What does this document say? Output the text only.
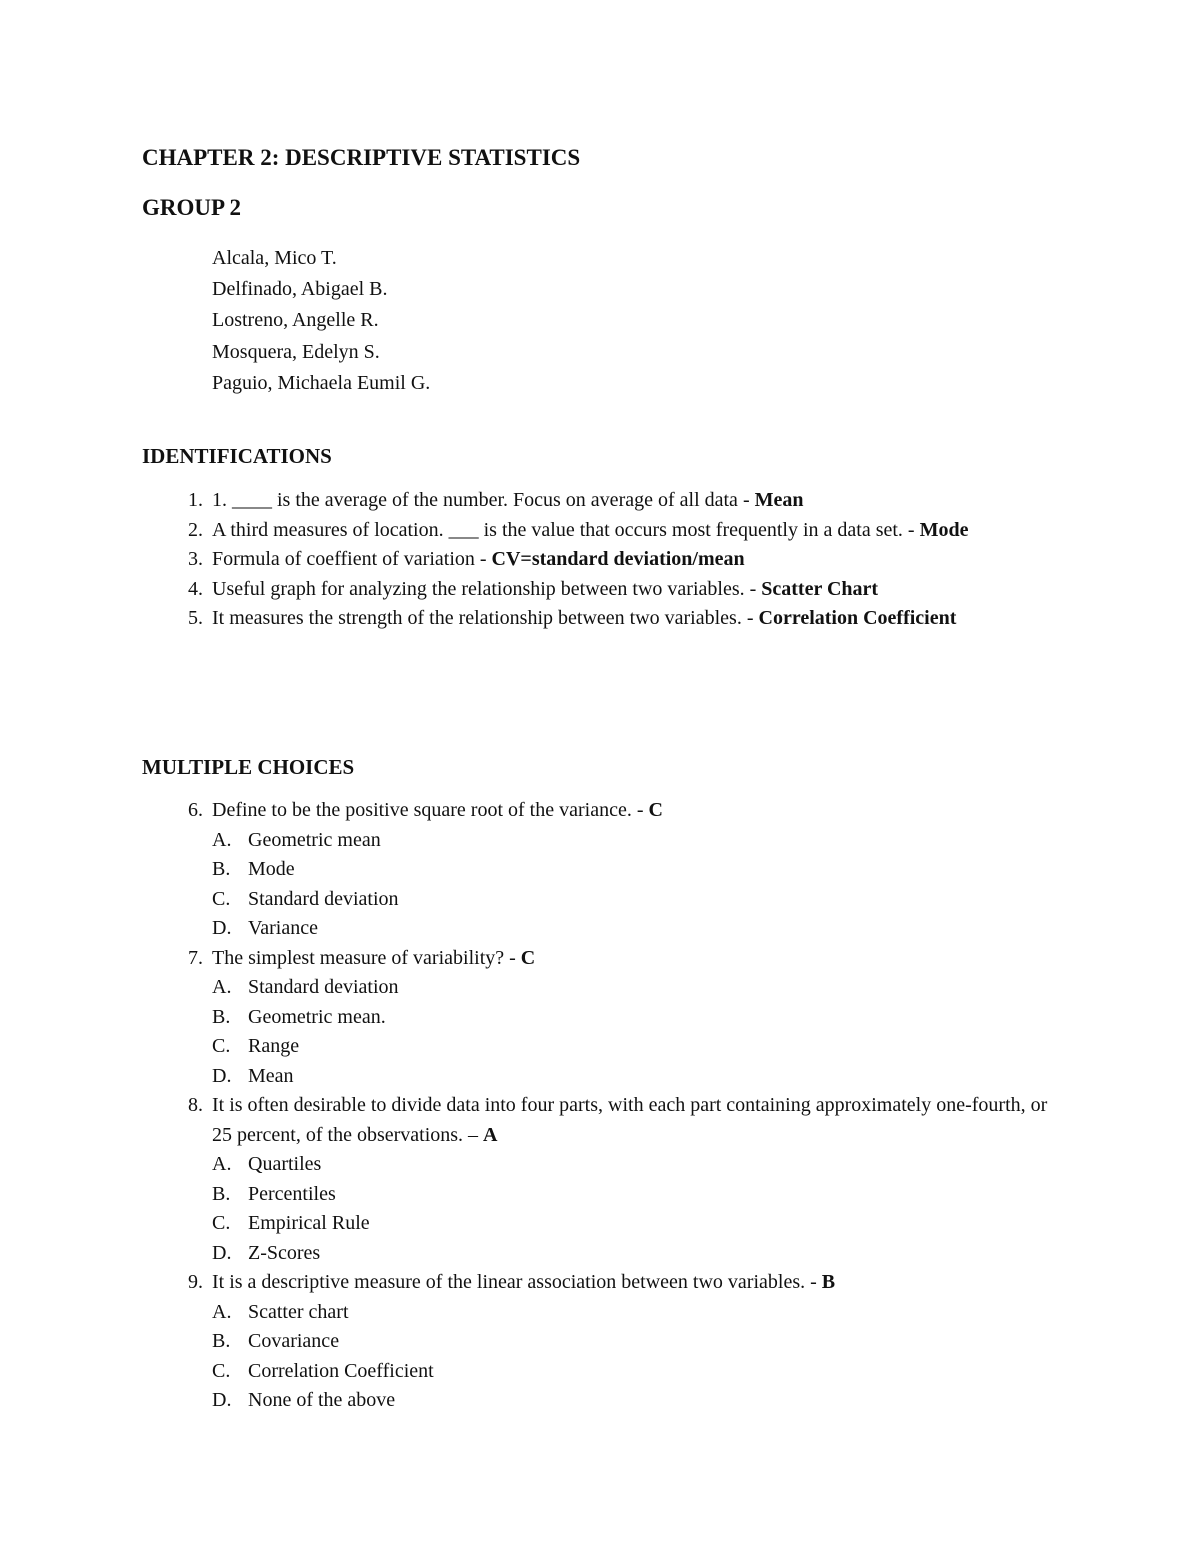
CHAPTER 2: DESCRIPTIVE STATISTICS
GROUP 2
Alcala, Mico T.
Delfinado, Abigael B.
Lostreno, Angelle R.
Mosquera, Edelyn S.
Paguio, Michaela Eumil G.
IDENTIFICATIONS
1. 1. ____ is the average of the number. Focus on average of all data - Mean
2. A third measures of location. ___ is the value that occurs most frequently in a data set. - Mode
3. Formula of coeffient of variation - CV=standard deviation/mean
4. Useful graph for analyzing the relationship between two variables. - Scatter Chart
5. It measures the strength of the relationship between two variables. - Correlation Coefficient
MULTIPLE CHOICES
6. Define to be the positive square root of the variance. - C
A. Geometric mean
B. Mode
C. Standard deviation
D. Variance
7. The simplest measure of variability? - C
A. Standard deviation
B. Geometric mean.
C. Range
D. Mean
8. It is often desirable to divide data into four parts, with each part containing approximately one-fourth, or 25 percent, of the observations. – A
A. Quartiles
B. Percentiles
C. Empirical Rule
D. Z-Scores
9. It is a descriptive measure of the linear association between two variables. - B
A. Scatter chart
B. Covariance
C. Correlation Coefficient
D. None of the above
